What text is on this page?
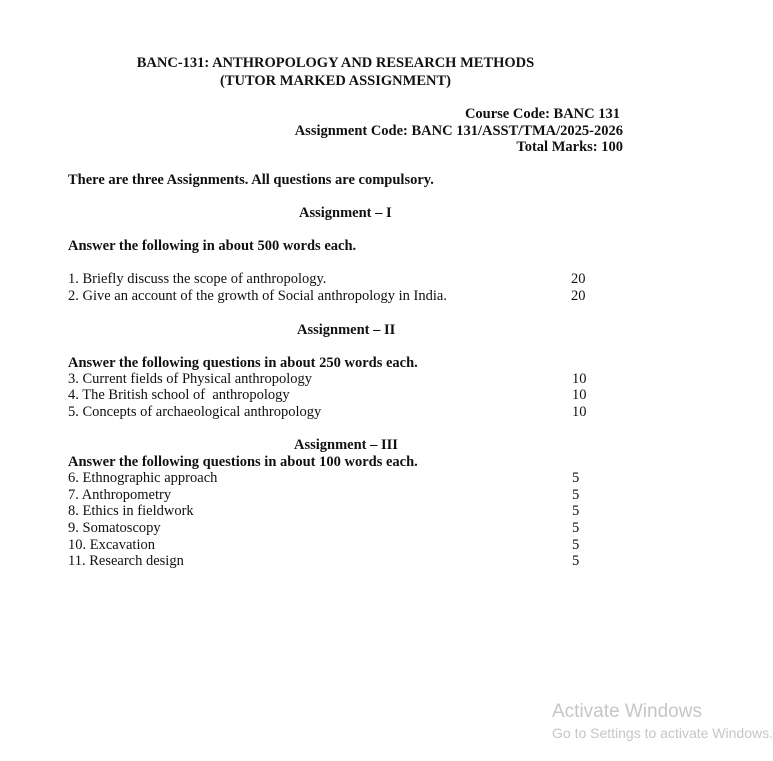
BANC-131: ANTHROPOLOGY AND RESEARCH METHODS
(TUTOR MARKED ASSIGNMENT)
Course Code: BANC 131
Assignment Code: BANC 131/ASST/TMA/2025-2026
Total Marks: 100
There are three Assignments. All questions are compulsory.
Assignment – I
Answer the following in about 500 words each.
1. Briefly discuss the scope of anthropology.	20
2. Give an account of the growth of Social anthropology in India.	20
Assignment – II
Answer the following questions in about 250 words each.
3. Current fields of Physical anthropology	10
4. The British school of  anthropology	10
5. Concepts of archaeological anthropology	10
Assignment – III
Answer the following questions in about 100 words each.
6. Ethnographic approach	5
7. Anthropometry	5
8. Ethics in fieldwork	5
9. Somatoscopy	5
10. Excavation	5
11. Research design	5
Activate Windows
Go to Settings to activate Windows.
